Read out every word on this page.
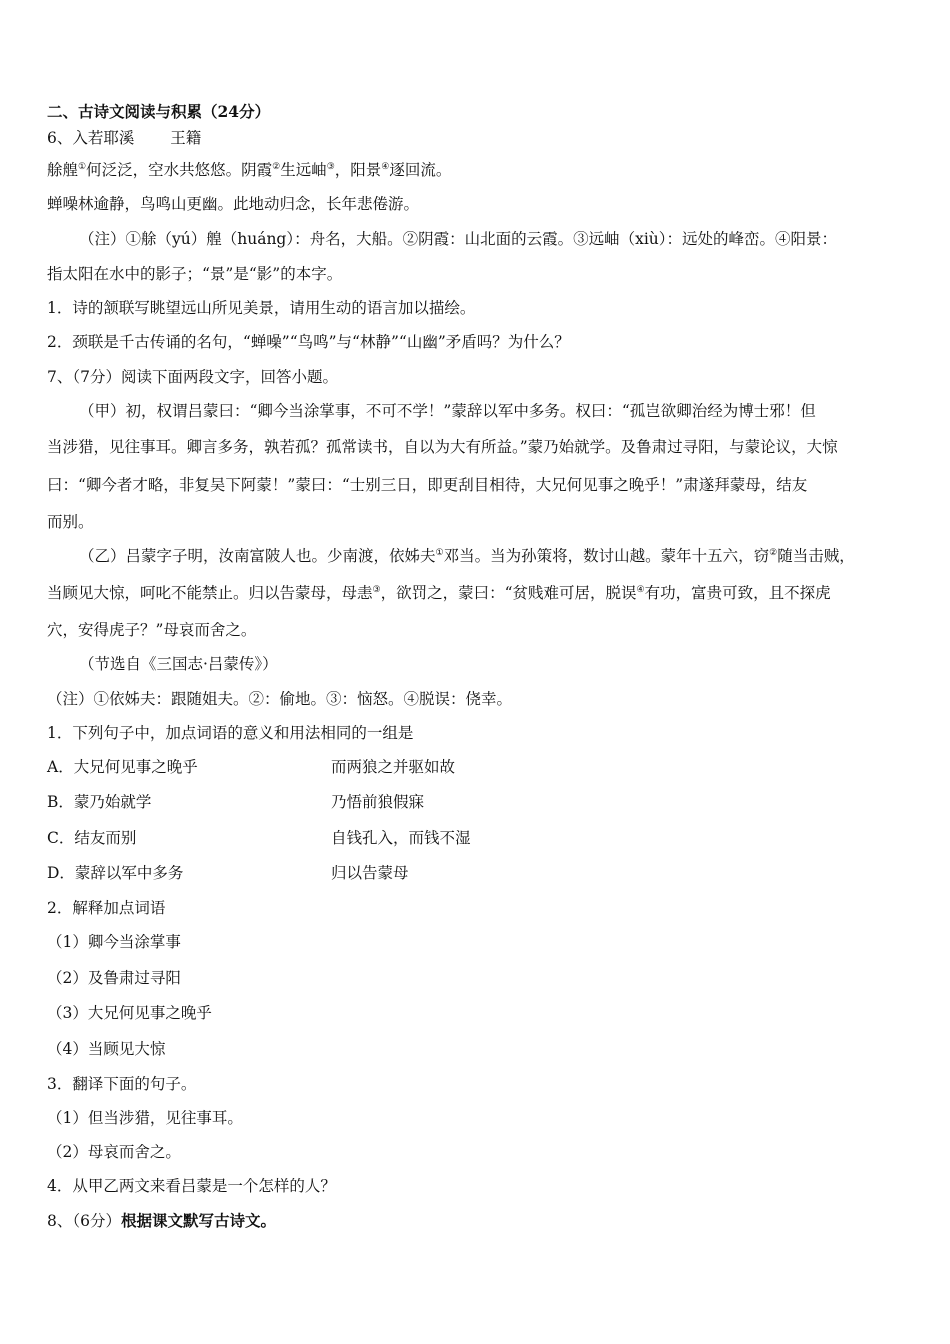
二、古诗文阅读与积累（24分）
6、入若耶溪　　 王籍
艅艎①何泛泛，空水共悠悠。阴霞②生远岫③，阳景④逐回流。
蝉噪林逾静，鸟鸣山更幽。此地动归念，长年悲倦游。
（注）①艅（yú）艎（huáng）：舟名，大船。②阴霞：山北面的云霞。③远岫（xiù）：远处的峰峦。④阳景：
指太阳在水中的影子；“景”是“影”的本字。
1．诗的颔联写眺望远山所见美景，请用生动的语言加以描绘。
2．颈联是千古传诵的名句，“蝉噪”“鸟鸣”与“林静”“山幽”矛盾吗？为什么？
7、（7分）阅读下面两段文字，回答小题。
（甲）初，权谓吕蒙曰：“卿今当涂掌事，不可不学！”蒙辞以军中多务。权曰：“孤岂欲卿治经为博士邪！但
当涉猎，见往事耳。卿言多务，孰若孤？孤常读书，自以为大有所益。”蒙乃始就学。及鲁肃过寻阳，与蒙论议，大惊
曰：“卿今者才略，非复吴下阿蒙！”蒙曰：“士别三日，即更刮目相待，大兄何见事之晚乎！”肃遂拜蒙母，结友
而别。
（乙）吕蒙字子明，汝南富陂人也。少南渡，依姊夫①邓当。当为孙策将，数讨山越。蒙年十五六，窃②随当击贼，
当顾见大惊，呵叱不能禁止。归以告蒙母，母恚③，欲罚之，蒙曰：“贫贱难可居，脱误④有功，富贵可致，且不探虎
穴，安得虎子？”母哀而舍之。
（节选自《三国志·吕蒙传》）
（注）①依姊夫：跟随姐夫。②：偷地。③：恼怒。④脱误：侥幸。
1．下列句子中，加点词语的意义和用法相同的一组是
A．大兄何见事之晚乎	而两狼之并驱如故
B．蒙乃始就学	乃悟前狼假寐
C．结友而别	自钱孔入，而钱不湿
D．蒙辞以军中多务	归以告蒙母
2．解释加点词语
（1）卿今当涂掌事
（2）及鲁肃过寻阳
（3）大兄何见事之晚乎
（4）当顾见大惊
3．翻译下面的句子。
（1）但当涉猎，见往事耳。
（2）母哀而舍之。
4．从甲乙两文来看吕蒙是一个怎样的人？
8、（6分）根据课文默写古诗文。
